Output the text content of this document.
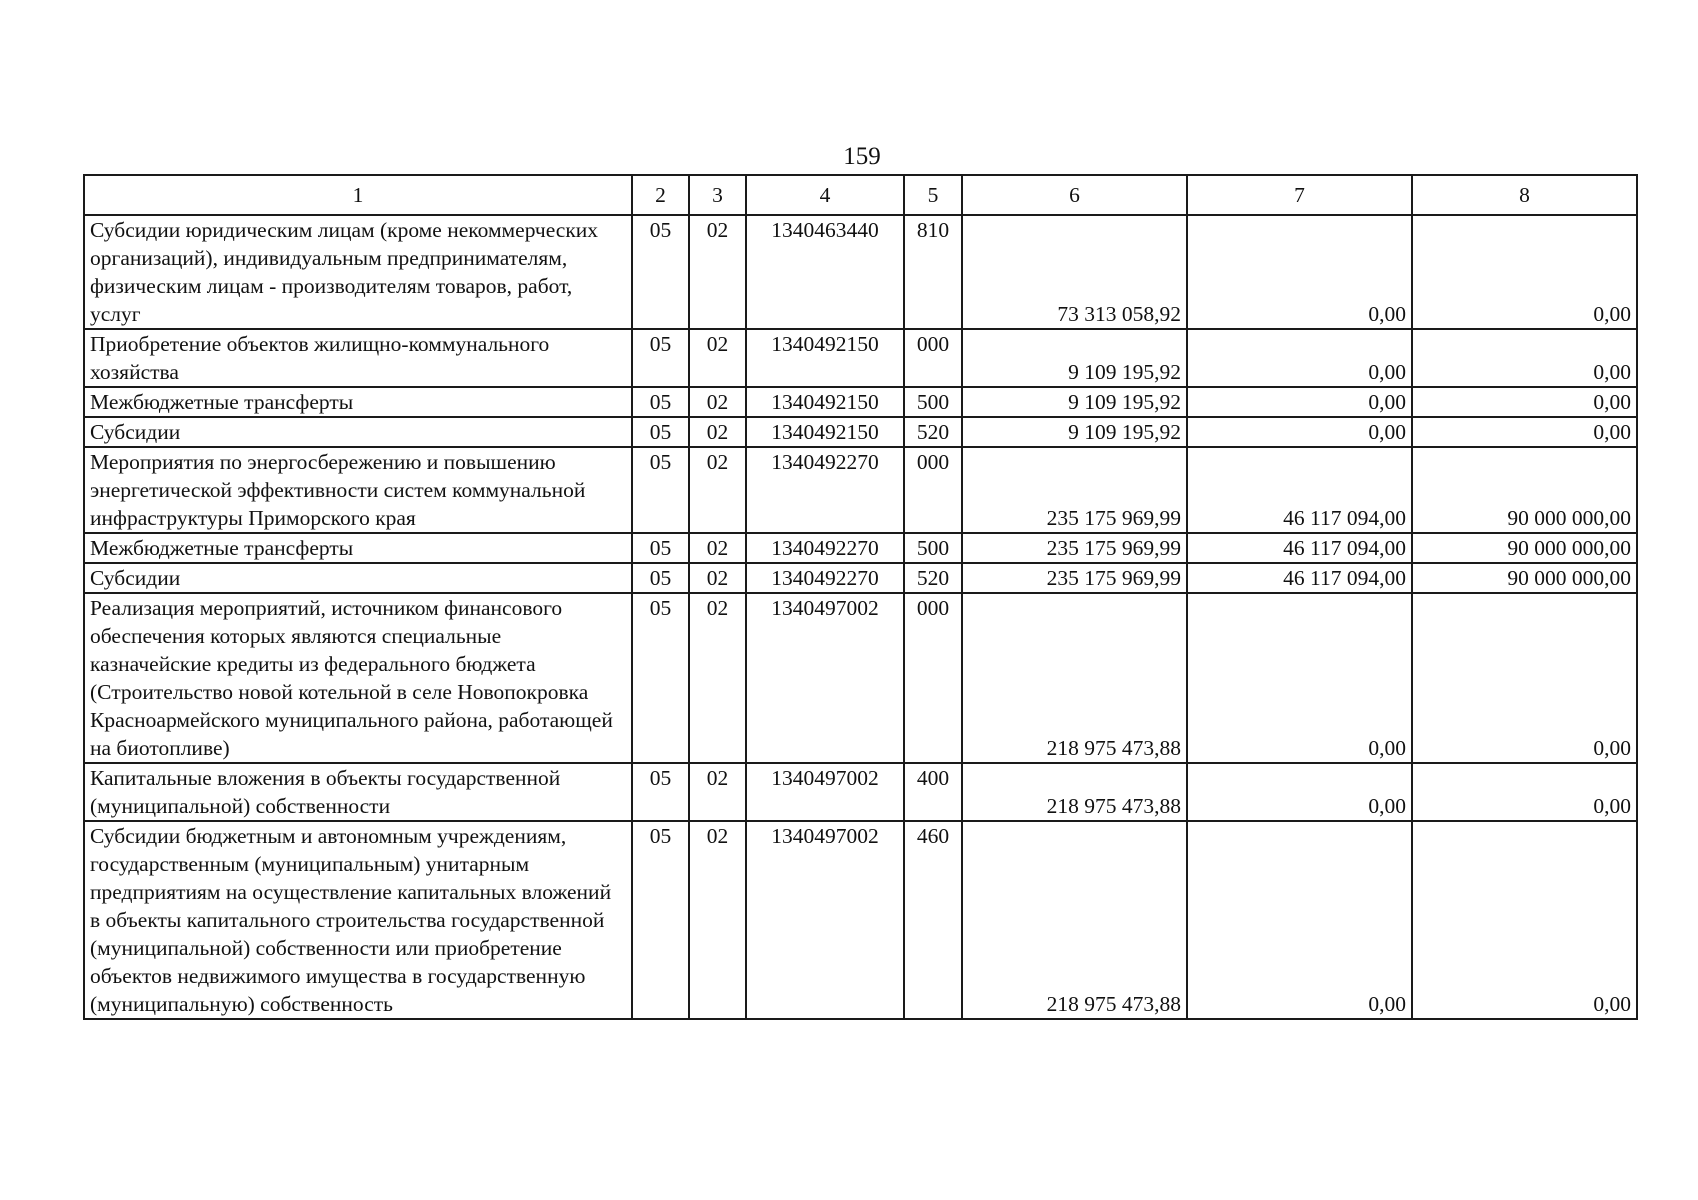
159
1	2	3	4	5	6	7	8
Субсидии юридическим лицам (кроме некоммерческих организаций), индивидуальным предпринимателям, физическим лицам - производителям товаров, работ, услуг	05	02	1340463440	810	73 313 058,92	0,00	0,00
Приобретение объектов жилищно-коммунального хозяйства	05	02	1340492150	000	9 109 195,92	0,00	0,00
Межбюджетные трансферты	05	02	1340492150	500	9 109 195,92	0,00	0,00
Субсидии	05	02	1340492150	520	9 109 195,92	0,00	0,00
Мероприятия по энергосбережению и повышению энергетической эффективности систем коммунальной инфраструктуры Приморского края	05	02	1340492270	000	235 175 969,99	46 117 094,00	90 000 000,00
Межбюджетные трансферты	05	02	1340492270	500	235 175 969,99	46 117 094,00	90 000 000,00
Субсидии	05	02	1340492270	520	235 175 969,99	46 117 094,00	90 000 000,00
Реализация мероприятий, источником финансового обеспечения которых являются специальные казначейские кредиты из федерального бюджета (Строительство новой котельной в селе Новопокровка Красноармейского муниципального района, работающей на биотопливе)	05	02	1340497002	000	218 975 473,88	0,00	0,00
Капитальные вложения в объекты государственной (муниципальной) собственности	05	02	1340497002	400	218 975 473,88	0,00	0,00
Субсидии бюджетным и автономным учреждениям, государственным (муниципальным) унитарным предприятиям на осуществление капитальных вложений в объекты капитального строительства государственной (муниципальной) собственности или приобретение объектов недвижимого имущества в государственную (муниципальную) собственность	05	02	1340497002	460	218 975 473,88	0,00	0,00
